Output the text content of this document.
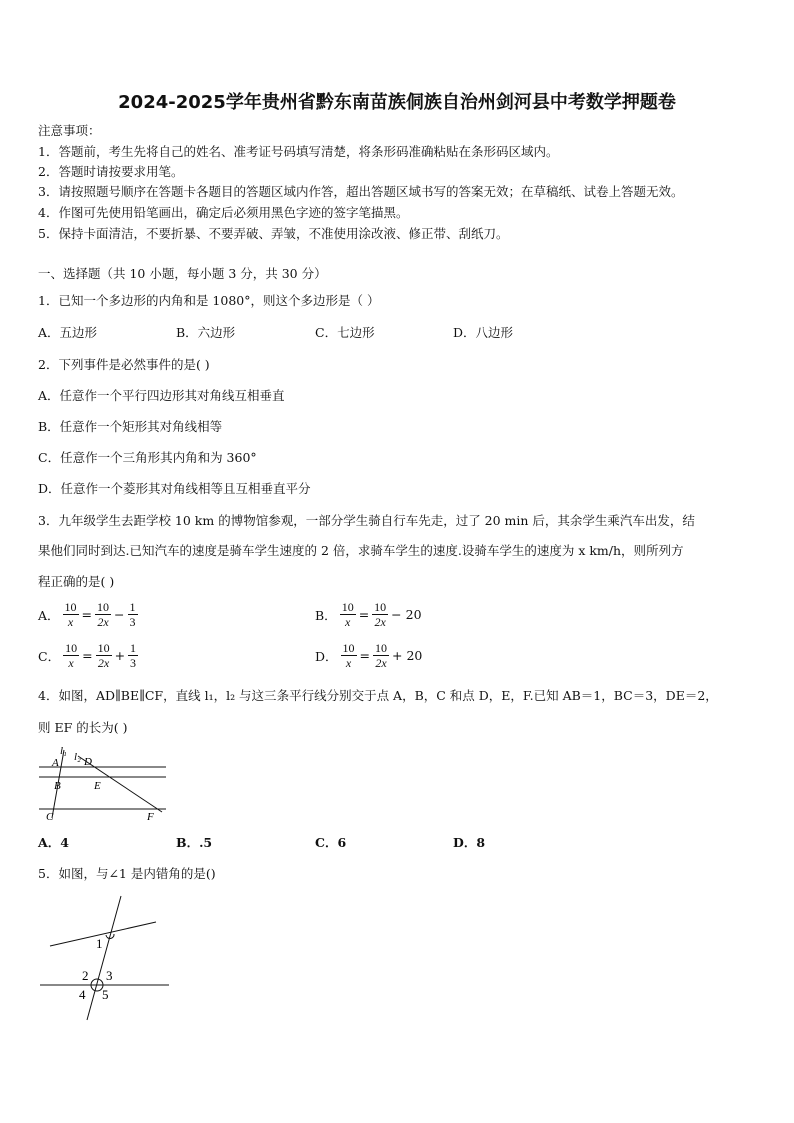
2024-2025学年贵州省黔东南苗族侗族自治州剑河县中考数学押题卷
注意事项：
1．答题前，考生先将自己的姓名、准考证号码填写清楚，将条形码准确粘贴在条形码区域内。
2．答题时请按要求用笔。
3．请按照题号顺序在答题卡各题目的答题区域内作答，超出答题区域书写的答案无效；在草稿纸、试卷上答题无效。
4．作图可先使用铅笔画出，确定后必须用黑色字迹的签字笔描黑。
5．保持卡面清洁，不要折暴、不要弄破、弄皱，不准使用涂改液、修正带、刮纸刀。
一、选择题（共 10 小题，每小题 3 分，共 30 分）
1．已知一个多边形的内角和是 1080°，则这个多边形是（ ）
A．五边形	B．六边形	C．七边形	D．八边形
2．下列事件是必然事件的是( )
A．任意作一个平行四边形其对角线互相垂直
B．任意作一个矩形其对角线相等
C．任意作一个三角形其内角和为 360°
D．任意作一个菱形其对角线相等且互相垂直平分
3．九年级学生去距学校 10 km 的博物馆参观，一部分学生骑自行车先走，过了 20 min 后，其余学生乘汽车出发，结
果他们同时到达.已知汽车的速度是骑车学生速度的 2 倍，求骑车学生的速度.设骑车学生的速度为 x km/h，则所列方
程正确的是( )
A． $\frac{10}{x} = \frac{10}{2x} - \frac{1}{3}$	B． $\frac{10}{x} = \frac{10}{2x} - 20$
C． $\frac{10}{x} = \frac{10}{2x} + \frac{1}{3}$	D． $\frac{10}{x} = \frac{10}{2x} + 20$
4．如图，AD∥BE∥CF，直线 l₁，l₂ 与这三条平行线分别交于点 A，B，C 和点 D，E，F.已知 AB＝1，BC＝3，DE＝2，
则 EF 的长为( )
l₁ l₂
A D
B	E
C	F
A．4	B．.5	C．6	D．8
5．如图，与∠1 是内错角的是()
1
2 3
4 5
